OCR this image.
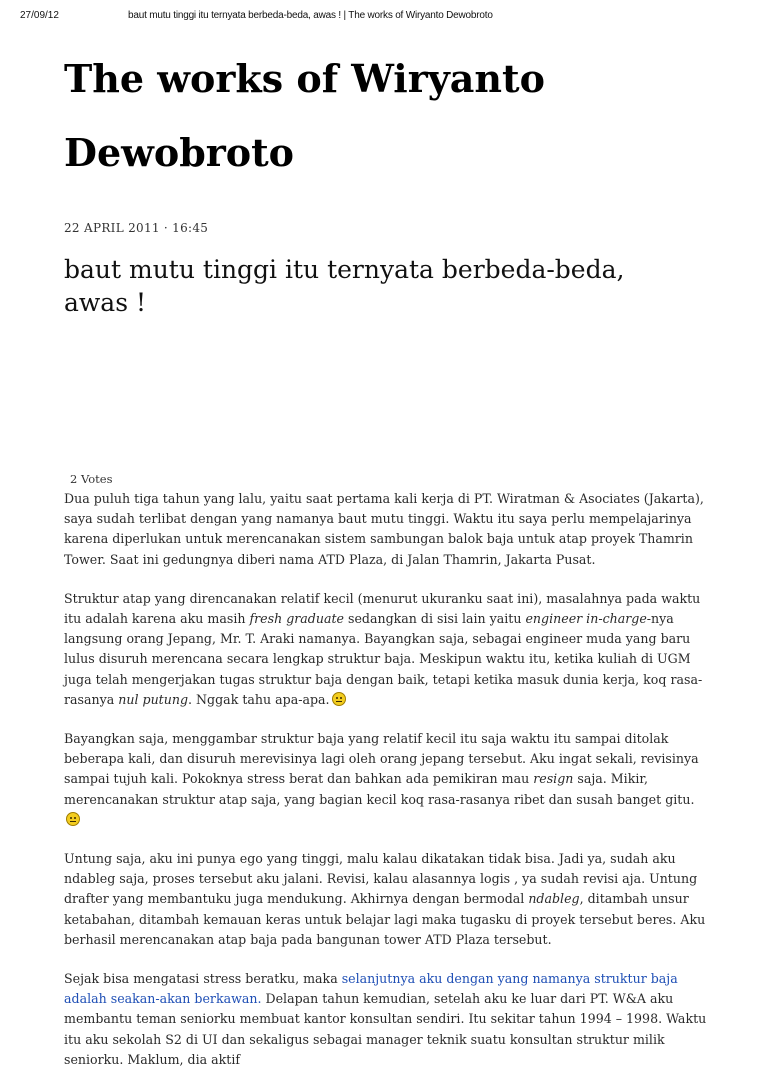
27/09/12	baut mutu tinggi itu ternyata berbeda-beda, awas ! | The works of Wiryanto Dewobroto
The works of Wiryanto Dewobroto
22 APRIL 2011 · 16:45
baut mutu tinggi itu ternyata berbeda-beda, awas !
2 Votes

Dua puluh tiga tahun yang lalu, yaitu saat pertama kali kerja di PT. Wiratman & Asociates (Jakarta), saya sudah terlibat dengan yang namanya baut mutu tinggi. Waktu itu saya perlu mempelajarinya karena diperlukan untuk merencanakan sistem sambungan balok baja untuk atap proyek Thamrin Tower. Saat ini gedungnya diberi nama ATD Plaza, di Jalan Thamrin, Jakarta Pusat.

Struktur atap yang direncanakan relatif kecil (menurut ukuranku saat ini), masalahnya pada waktu itu adalah karena aku masih fresh graduate sedangkan di sisi lain yaitu engineer in-charge-nya langsung orang Jepang, Mr. T. Araki namanya. Bayangkan saja, sebagai engineer muda yang baru lulus disuruh merencana secara lengkap struktur baja. Meskipun waktu itu, ketika kuliah di UGM juga telah mengerjakan tugas struktur baja dengan baik, tetapi ketika masuk dunia kerja, koq rasa-rasanya nul putung. Nggak tahu apa-apa.

Bayangkan saja, menggambar struktur baja yang relatif kecil itu saja waktu itu sampai ditolak beberapa kali, dan disuruh merevisinya lagi oleh orang jepang tersebut. Aku ingat sekali, revisinya sampai tujuh kali. Pokoknya stress berat dan bahkan ada pemikiran mau resign saja. Mikir, merencanakan struktur atap saja, yang bagian kecil koq rasa-rasanya ribet dan susah banget gitu.

Untung saja, aku ini punya ego yang tinggi, malu kalau dikatakan tidak bisa. Jadi ya, sudah aku ndableg saja, proses tersebut aku jalani. Revisi, kalau alasannya logis , ya sudah revisi aja. Untung drafter yang membantuku juga mendukung. Akhirnya dengan bermodal ndableg, ditambah unsur ketabahan, ditambah kemauan keras untuk belajar lagi maka tugasku di proyek tersebut beres. Aku berhasil merencanakan atap baja pada bangunan tower ATD Plaza tersebut.

Sejak bisa mengatasi stress beratku, maka selanjutnya aku dengan yang namanya struktur baja adalah seakan-akan berkawan. Delapan tahun kemudian, setelah aku ke luar dari PT. W&A aku membantu teman seniorku membuat kantor konsultan sendiri. Itu sekitar tahun 1994 – 1998. Waktu itu aku sekolah S2 di UI dan sekaligus sebagai manager teknik suatu konsultan struktur milik seniorku. Maklum, dia aktif
